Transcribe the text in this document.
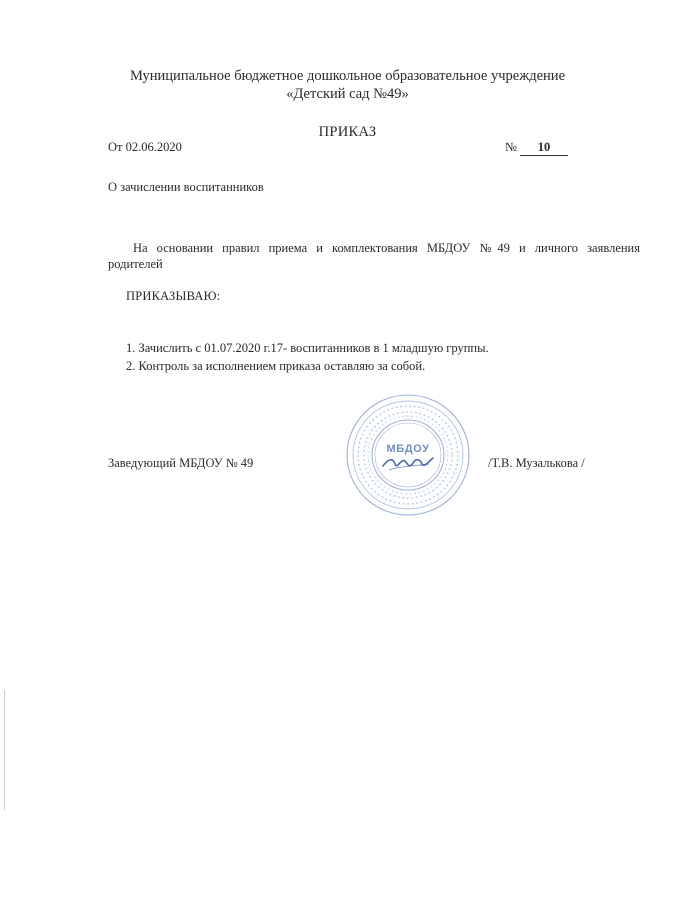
Муниципальное бюджетное дошкольное образовательное учреждение
«Детский сад №49»
ПРИКАЗ
От 02.06.2020	№	10
О зачислении воспитанников
На основании правил приема и комплектования МБДОУ №49 и личного заявления
родителей
ПРИКАЗЫВАЮ:
1. Зачислить с 01.07.2020 г.17- воспитанников в 1 младшую группы.
2. Контроль за исполнением приказа оставляю за собой.
Заведующий МБДОУ № 49
МБДОУ
/Т.В. Музалькова /
